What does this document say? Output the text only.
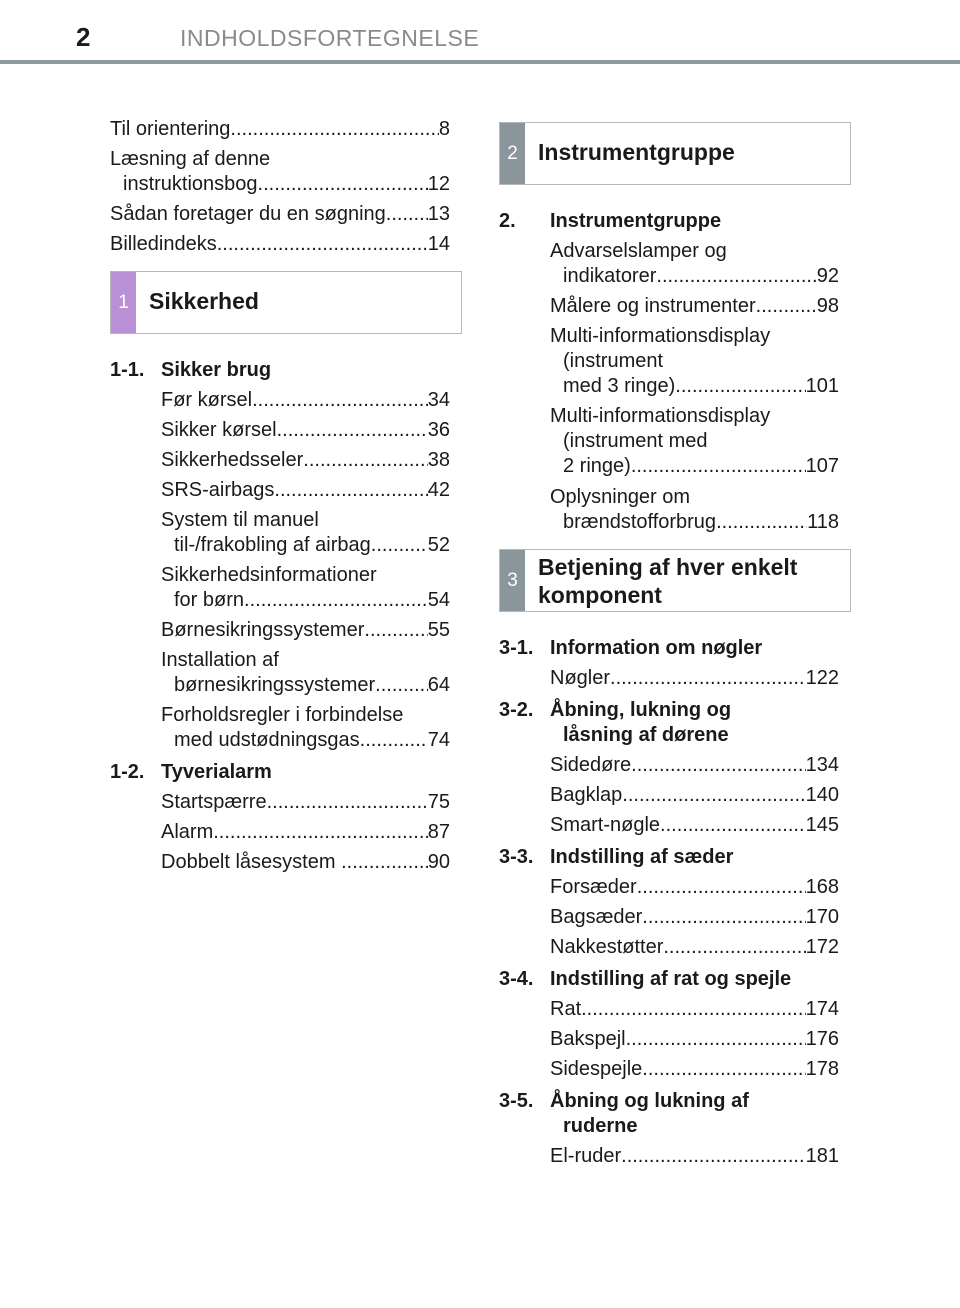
2	INDHOLDSFORTEGNELSE
Til orientering .....	8
Læsning af denne
instruktionsbog .....	12
Sådan foretager du en søgning ..... 13
Billedindeks .....	14
1 Sikkerhed
1-1. Sikker brug
Før kørsel .....	34
Sikker kørsel .....	36
Sikkerhedsseler .....	38
SRS-airbags .....	42
System til manuel
til-/frakobling af airbag .....	52
Sikkerhedsinformationer
for børn .....	54
Børnesikringssystemer .....	55
Installation af
børnesikringssystemer .....	64
Forholdsregler i forbindelse
med udstødningsgas .....	74
1-2. Tyverialarm
Startspærre .....	75
Alarm .....	87
Dobbelt låsesystem .....	90
2 Instrumentgruppe
2. Instrumentgruppe
Advarselslamper og
indikatorer .....	92
Målere og instrumenter .....	98
Multi-informationsdisplay
(instrument
med 3 ringe) .....	101
Multi-informationsdisplay
(instrument med
2 ringe) .....	107
Oplysninger om
brændstofforbrug .....	118
3 Betjening af hver enkelt
komponent
3-1. Information om nøgler
Nøgler .....	122
3-2. Åbning, lukning og
låsning af dørene
Sidedøre .....	134
Bagklap .....	140
Smart-nøgle .....	145
3-3. Indstilling af sæder
Forsæder .....	168
Bagsæder .....	170
Nakkestøtter .....	172
3-4. Indstilling af rat og spejle
Rat .....	174
Bakspejl .....	176
Sidespejle .....	178
3-5. Åbning og lukning af
ruderne
El-ruder .....	181
